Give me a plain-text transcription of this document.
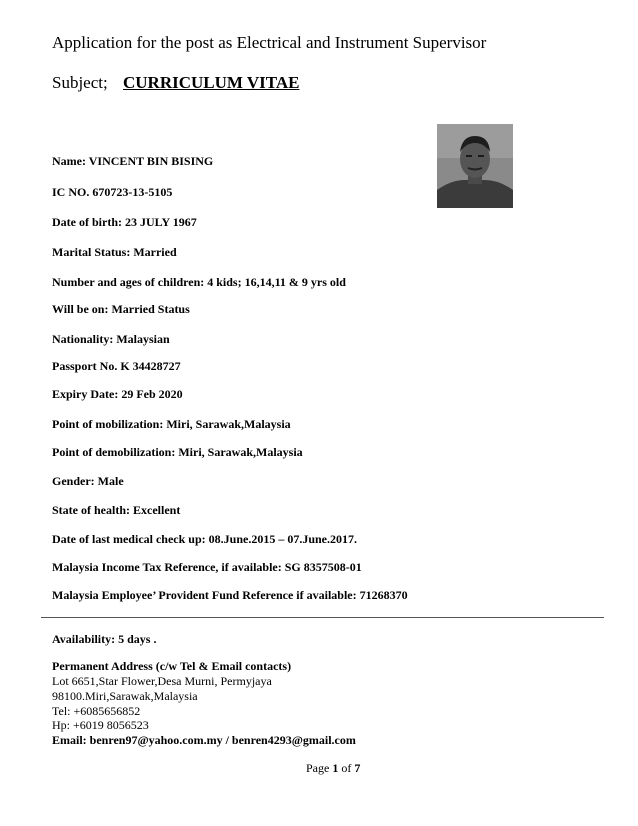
Application for the post as Electrical and Instrument Supervisor
Subject; CURRICULUM VITAE
Name: VINCENT BIN BISING
IC NO. 670723-13-5105
Date of birth: 23 JULY 1967
Marital Status: Married
Number and ages of children: 4 kids; 16,14,11 & 9 yrs old
Will be on: Married Status
Nationality: Malaysian
Passport No. K 34428727
Expiry Date: 29 Feb 2020
Point of mobilization: Miri, Sarawak,Malaysia
Point of demobilization: Miri, Sarawak,Malaysia
Gender: Male
State of health: Excellent
Date of last medical check up: 08.June.2015 – 07.June.2017.
Malaysia Income Tax Reference, if available: SG 8357508-01
Malaysia Employee’ Provident Fund Reference if available: 71268370
Availability: 5 days .
Permanent Address (c/w Tel & Email contacts)
Lot 6651,Star Flower,Desa Murni, Permyjaya
98100.Miri,Sarawak,Malaysia
Tel: +6085656852
Hp: +6019 8056523
Email: benren97@yahoo.com.my / benren4293@gmail.com
Page 1 of 7
